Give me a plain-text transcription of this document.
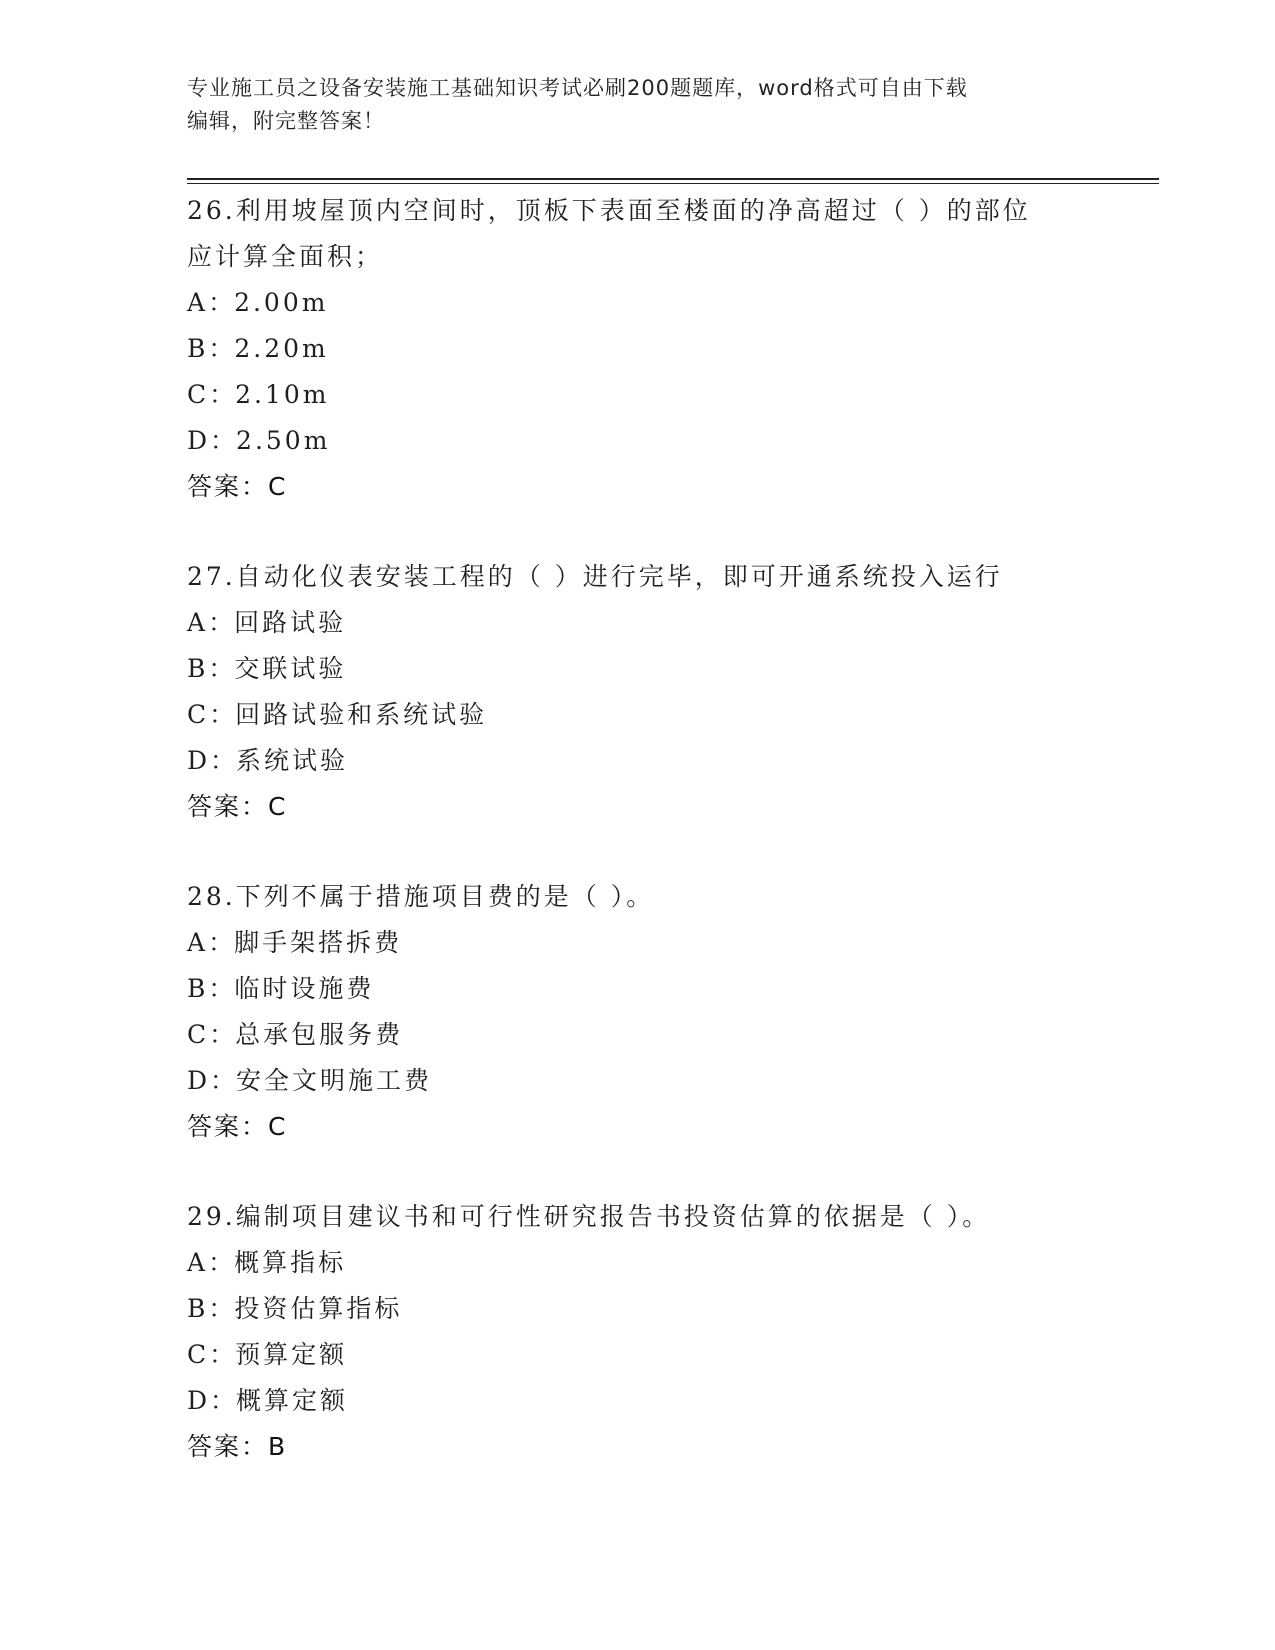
专业施工员之设备安装施工基础知识考试必刷200题题库，word格式可自由下载
编辑，附完整答案！
26.利用坡屋顶内空间时，顶板下表面至楼面的净高超过（ ）的部位
应计算全面积；
A ：
2.00m
B ：
2.20m
C ：
2.10m
D ：
2.50m
答案：C
27.自动化仪表安装工程的（ ）进行完毕，即可开通系统投入运行
A ：
回路试验
B ：
交联试验
C ：
回路试验和系统试验
D ：
系统试验
答案：C
28.下列不属于措施项目费的是（ ）。
A ：
脚手架搭拆费
B ：
临时设施费
C ：
总承包服务费
D ：
安全文明施工费
答案：C
29.编制项目建议书和可行性研究报告书投资估算的依据是（ ）。
A ：
概算指标
B ：
投资估算指标
C ：
预算定额
D ：
概算定额
答案：B
